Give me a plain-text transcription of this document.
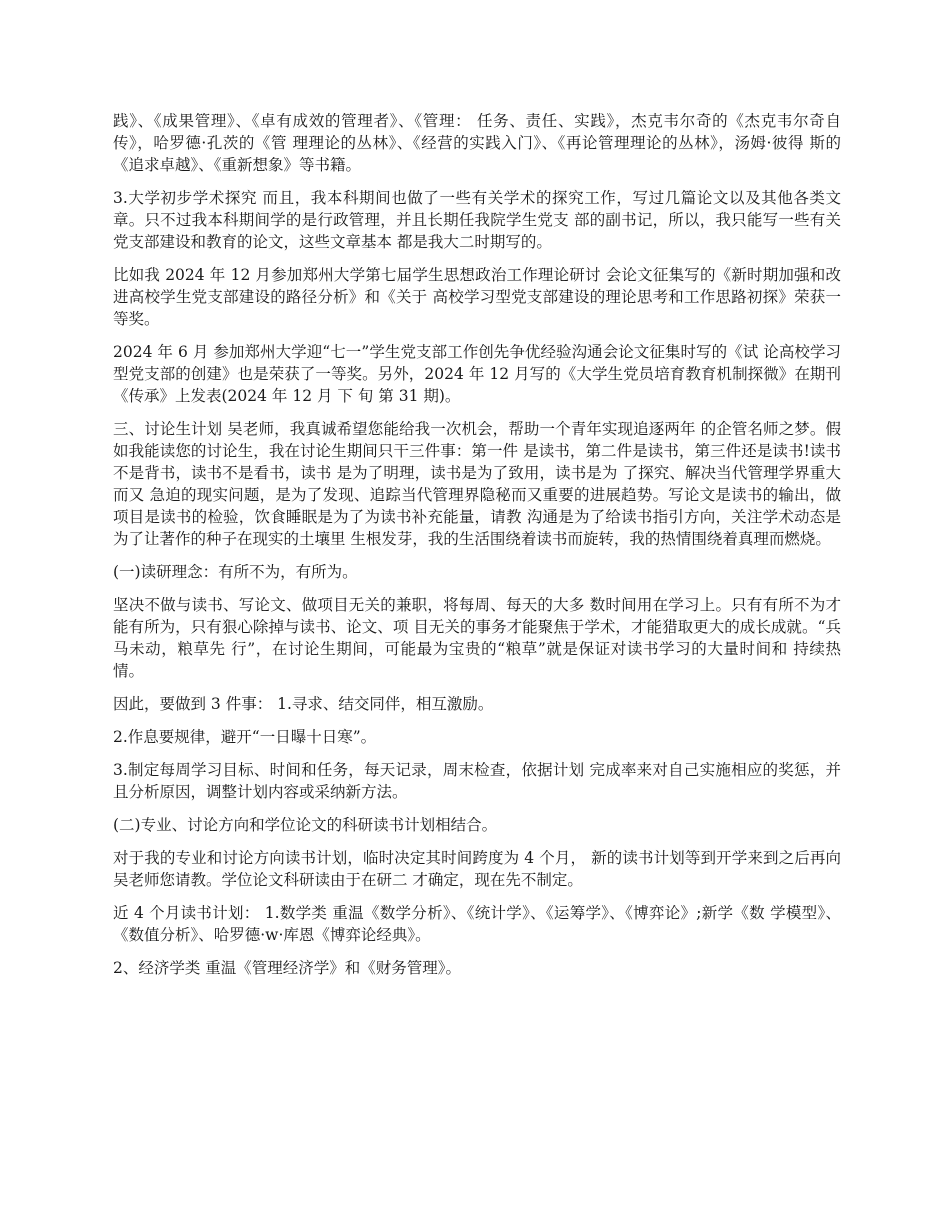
践》、《成果管理》、《卓有成效的管理者》、《管理： 任务、责任、实践》，杰克韦尔奇的《杰克韦尔奇自传》，哈罗德·孔茨的《管 理理论的丛林》、《经营的实践入门》、《再论管理理论的丛林》，汤姆·彼得 斯的《追求卓越》、《重新想象》等书籍。

3.大学初步学术探究 而且，我本科期间也做了一些有关学术的探究工作，写过几篇论文以及其他各类文章。只不过我本科期间学的是行政管理，并且长期任我院学生党支 部的副书记，所以，我只能写一些有关党支部建设和教育的论文，这些文章基本 都是我大二时期写的。

比如我 2024 年 12 月参加郑州大学第七届学生思想政治工作理论研讨 会论文征集写的《新时期加强和改进高校学生党支部建设的路径分析》和《关于 高校学习型党支部建设的理论思考和工作思路初探》荣获一等奖。

2024 年 6 月 参加郑州大学迎“七一”学生党支部工作创先争优经验沟通会论文征集时写的《试 论高校学习型党支部的创建》也是荣获了一等奖。另外，2024 年 12 月写的《大学生党员培育教育机制探微》在期刊《传承》上发表(2024 年 12 月 下 旬 第 31 期)。

三、讨论生计划 吴老师，我真诚希望您能给我一次机会，帮助一个青年实现追逐两年 的企管名师之梦。假如我能读您的讨论生，我在讨论生期间只干三件事：第一件 是读书，第二件是读书，第三件还是读书!读书不是背书，读书不是看书，读书 是为了明理，读书是为了致用，读书是为 了探究、解决当代管理学界重大而又 急迫的现实问题，是为了发现、追踪当代管理界隐秘而又重要的进展趋势。写论文是读书的输出，做项目是读书的检验，饮食睡眠是为了为读书补充能量，请教 沟通是为了给读书指引方向，关注学术动态是为了让著作的种子在现实的土壤里 生根发芽，我的生活围绕着读书而旋转，我的热情围绕着真理而燃烧。

(一)读研理念：有所不为，有所为。

坚决不做与读书、写论文、做项目无关的兼职，将每周、每天的大多 数时间用在学习上。只有有所不为才能有所为，只有狠心除掉与读书、论文、项 目无关的事务才能聚焦于学术，才能猎取更大的成长成就。“兵马未动，粮草先 行”，在讨论生期间，可能最为宝贵的“粮草”就是保证对读书学习的大量时间和 持续热情。

因此，要做到 3 件事： 1.寻求、结交同伴，相互激励。

2.作息要规律，避开“一日曝十日寒”。

3.制定每周学习目标、时间和任务，每天记录，周末检查，依据计划 完成率来对自己实施相应的奖惩，并且分析原因，调整计划内容或采纳新方法。

(二)专业、讨论方向和学位论文的科研读书计划相结合。

对于我的专业和讨论方向读书计划，临时决定其时间跨度为 4 个月， 新的读书计划等到开学来到之后再向吴老师您请教。学位论文科研读由于在研二 才确定，现在先不制定。

近 4 个月读书计划： 1.数学类 重温《数学分析》、《统计学》、《运筹学》、《博弈论》;新学《数 学模型》、《数值分析》、哈罗德·w·库恩《博弈论经典》。

2、经济学类 重温《管理经济学》和《财务管理》。
